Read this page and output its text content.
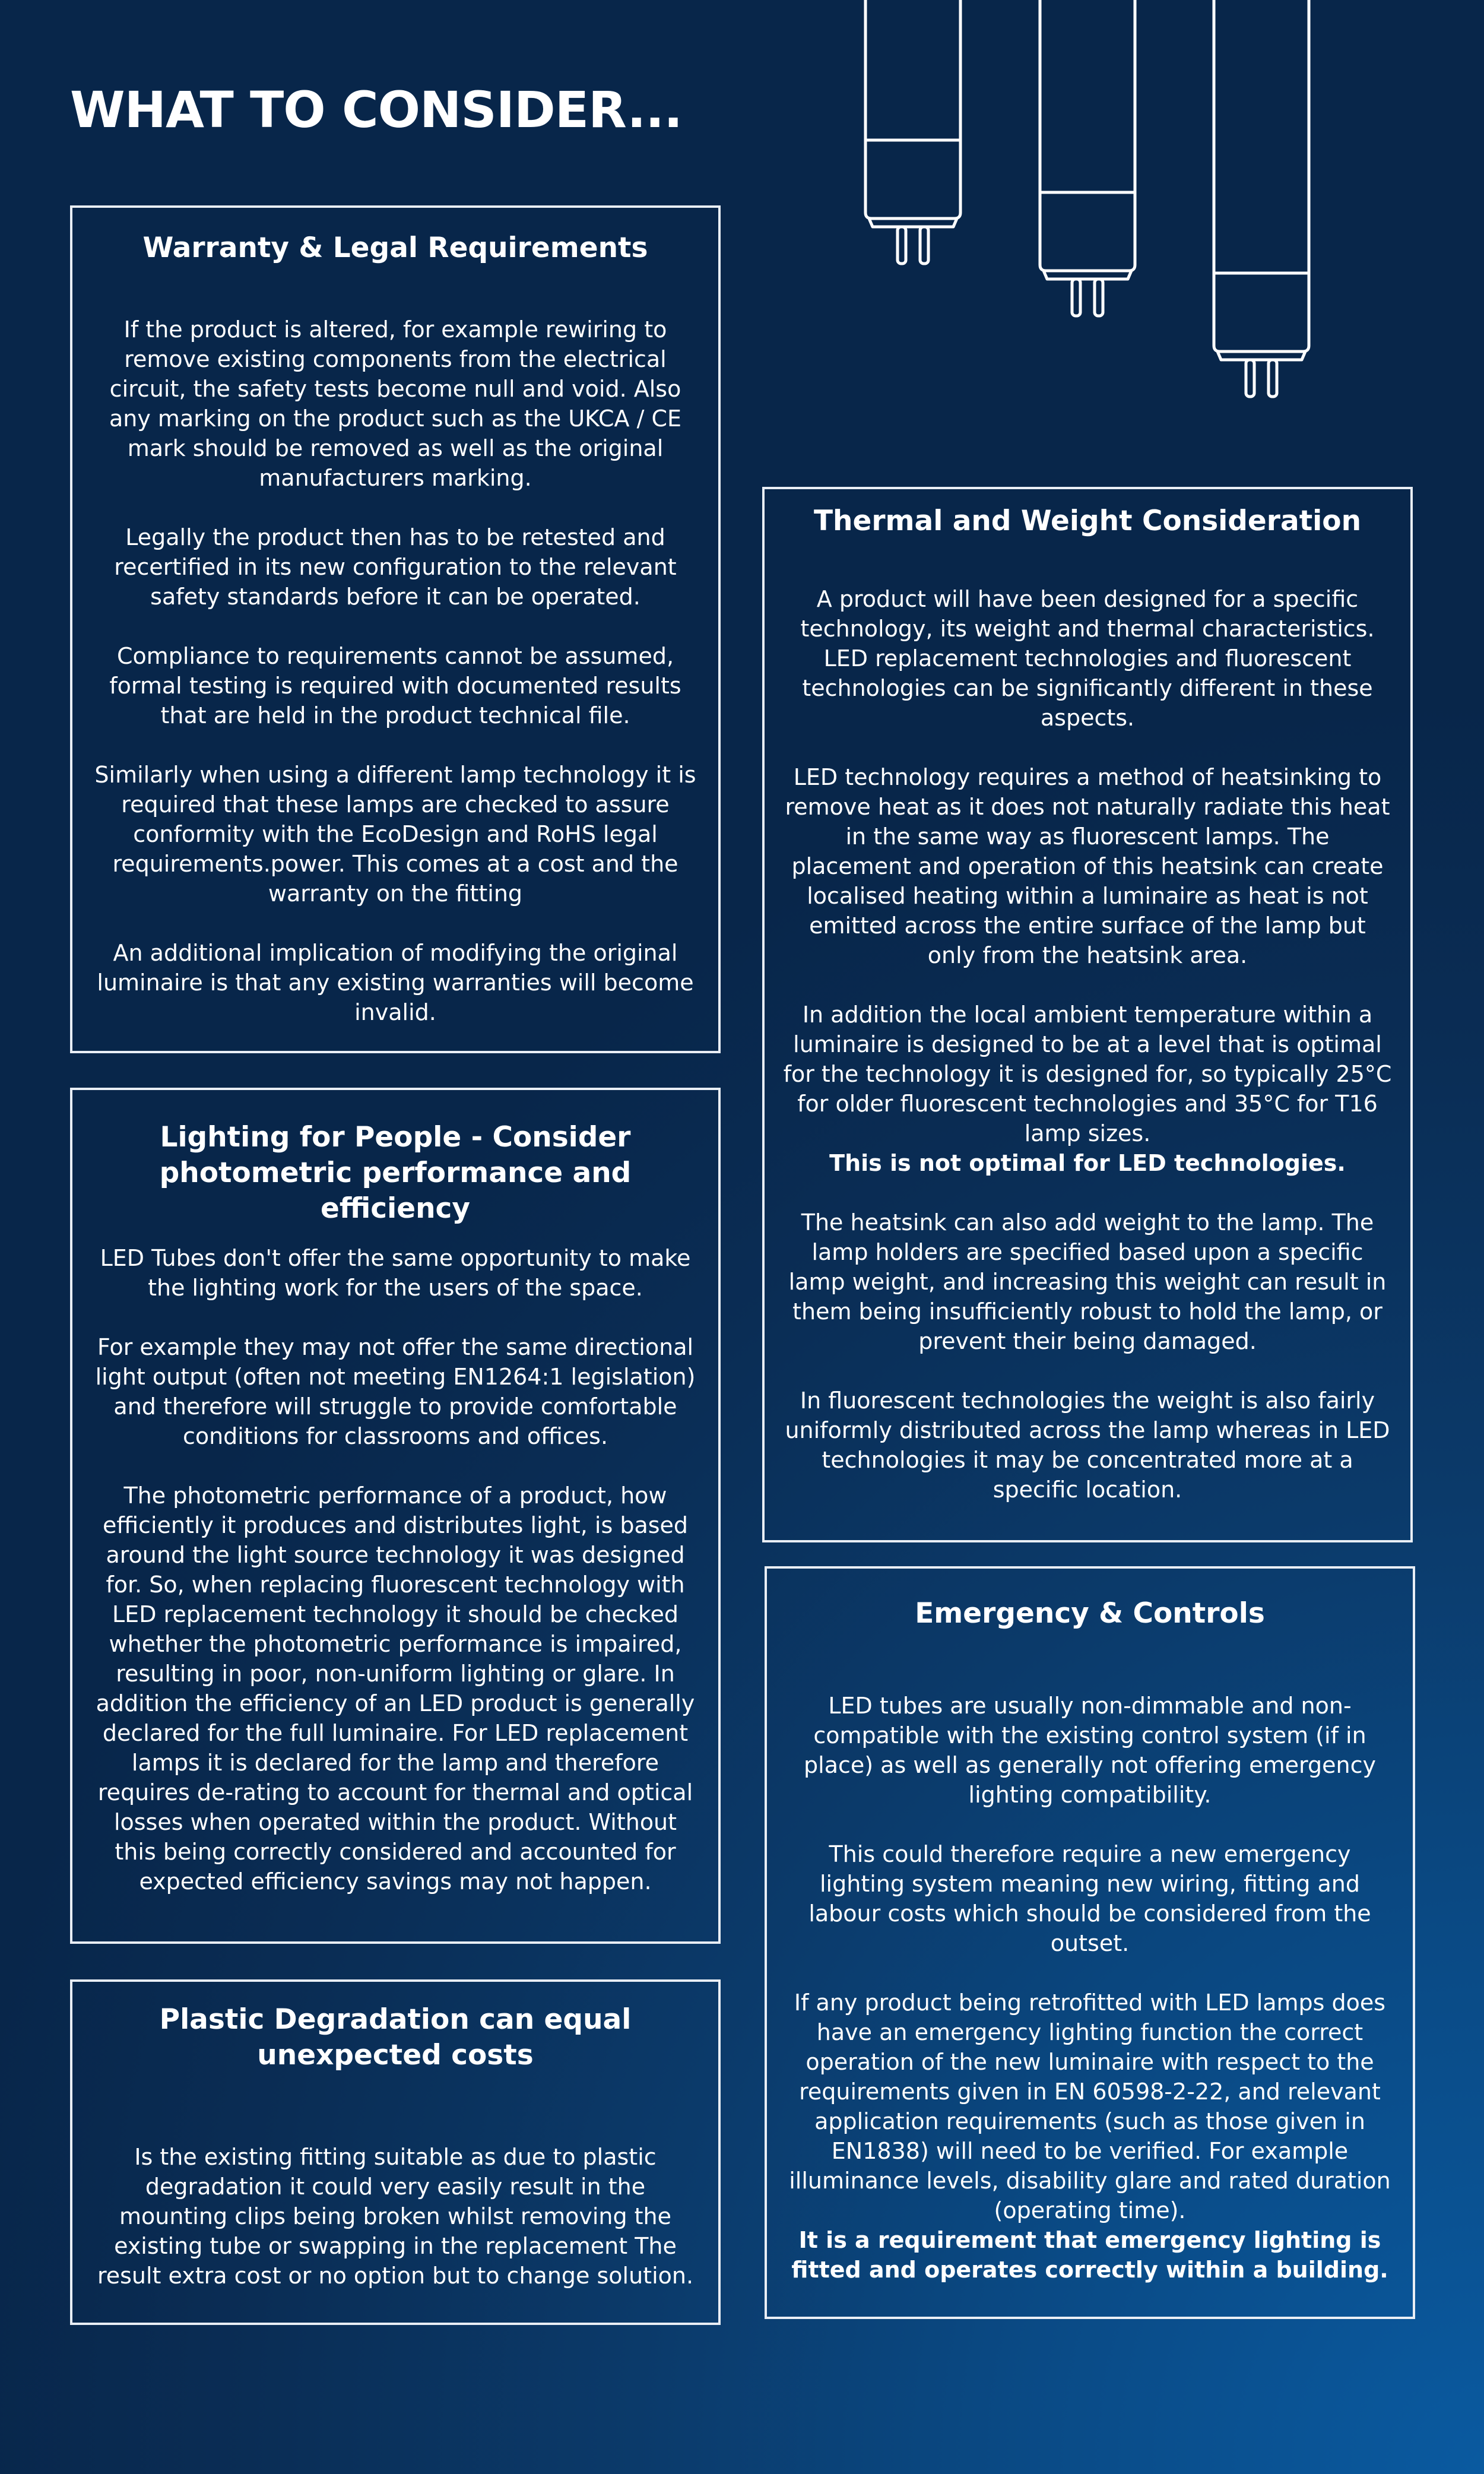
WHAT TO CONSIDER...
Warranty & Legal Requirements

If the product is altered, for example rewiring to remove existing components from the electrical circuit, the safety tests become null and void. Also any marking on the product such as the UKCA / CE mark should be removed as well as the original manufacturers marking.

Legally the product then has to be retested and recertified in its new configuration to the relevant safety standards before it can be operated.

Compliance to requirements cannot be assumed, formal testing is required with documented results that are held in the product technical file.

Similarly when using a different lamp technology it is required that these lamps are checked to assure conformity with the EcoDesign and RoHS legal requirements.power. This comes at a cost and the warranty on the fitting

An additional implication of modifying the original luminaire is that any existing warranties will become invalid.

Lighting for People - Consider photometric performance and efficiency

LED Tubes don't offer the same opportunity to make the lighting work for the users of the space.

For example they may not offer the same directional light output (often not meeting EN1264:1 legislation) and therefore will struggle to provide comfortable conditions for classrooms and offices.

The photometric performance of a product, how efficiently it produces and distributes light, is based around the light source technology it was designed for. So, when replacing fluorescent technology with LED replacement technology it should be checked whether the photometric performance is impaired, resulting in poor, non-uniform lighting or glare. In addition the efficiency of an LED product is generally declared for the full luminaire. For LED replacement lamps it is declared for the lamp and therefore requires de-rating to account for thermal and optical losses when operated within the product. Without this being correctly considered and accounted for expected efficiency savings may not happen.

Plastic Degradation can equal unexpected costs

Is the existing fitting suitable as due to plastic degradation it could very easily result in the mounting clips being broken whilst removing the existing tube or swapping in the replacement The result extra cost or no option but to change solution.

Thermal and Weight Consideration

A product will have been designed for a specific technology, its weight and thermal characteristics. LED replacement technologies and fluorescent technologies can be significantly different in these aspects.

LED technology requires a method of heatsinking to remove heat as it does not naturally radiate this heat in the same way as fluorescent lamps. The placement and operation of this heatsink can create localised heating within a luminaire as heat is not emitted across the entire surface of the lamp but only from the heatsink area.

In addition the local ambient temperature within a luminaire is designed to be at a level that is optimal for the technology it is designed for, so typically 25°C for older fluorescent technologies and 35°C for T16 lamp sizes.

This is not optimal for LED technologies.

The heatsink can also add weight to the lamp. The lamp holders are specified based upon a specific lamp weight, and increasing this weight can result in them being insufficiently robust to hold the lamp, or prevent their being damaged.

In fluorescent technologies the weight is also fairly uniformly distributed across the lamp whereas in LED technologies it may be concentrated more at a specific location.

Emergency & Controls

LED tubes are usually non-dimmable and non-compatible with the existing control system (if in place) as well as generally not offering emergency lighting compatibility.

This could therefore require a new emergency lighting system meaning new wiring, fitting and labour costs which should be considered from the outset.

If any product being retrofitted with LED lamps does have an emergency lighting function the correct operation of the new luminaire with respect to the requirements given in EN 60598-2-22, and relevant application requirements (such as those given in EN1838) will need to be verified. For example illuminance levels, disability glare and rated duration (operating time).

It is a requirement that emergency lighting is fitted and operates correctly within a building.
